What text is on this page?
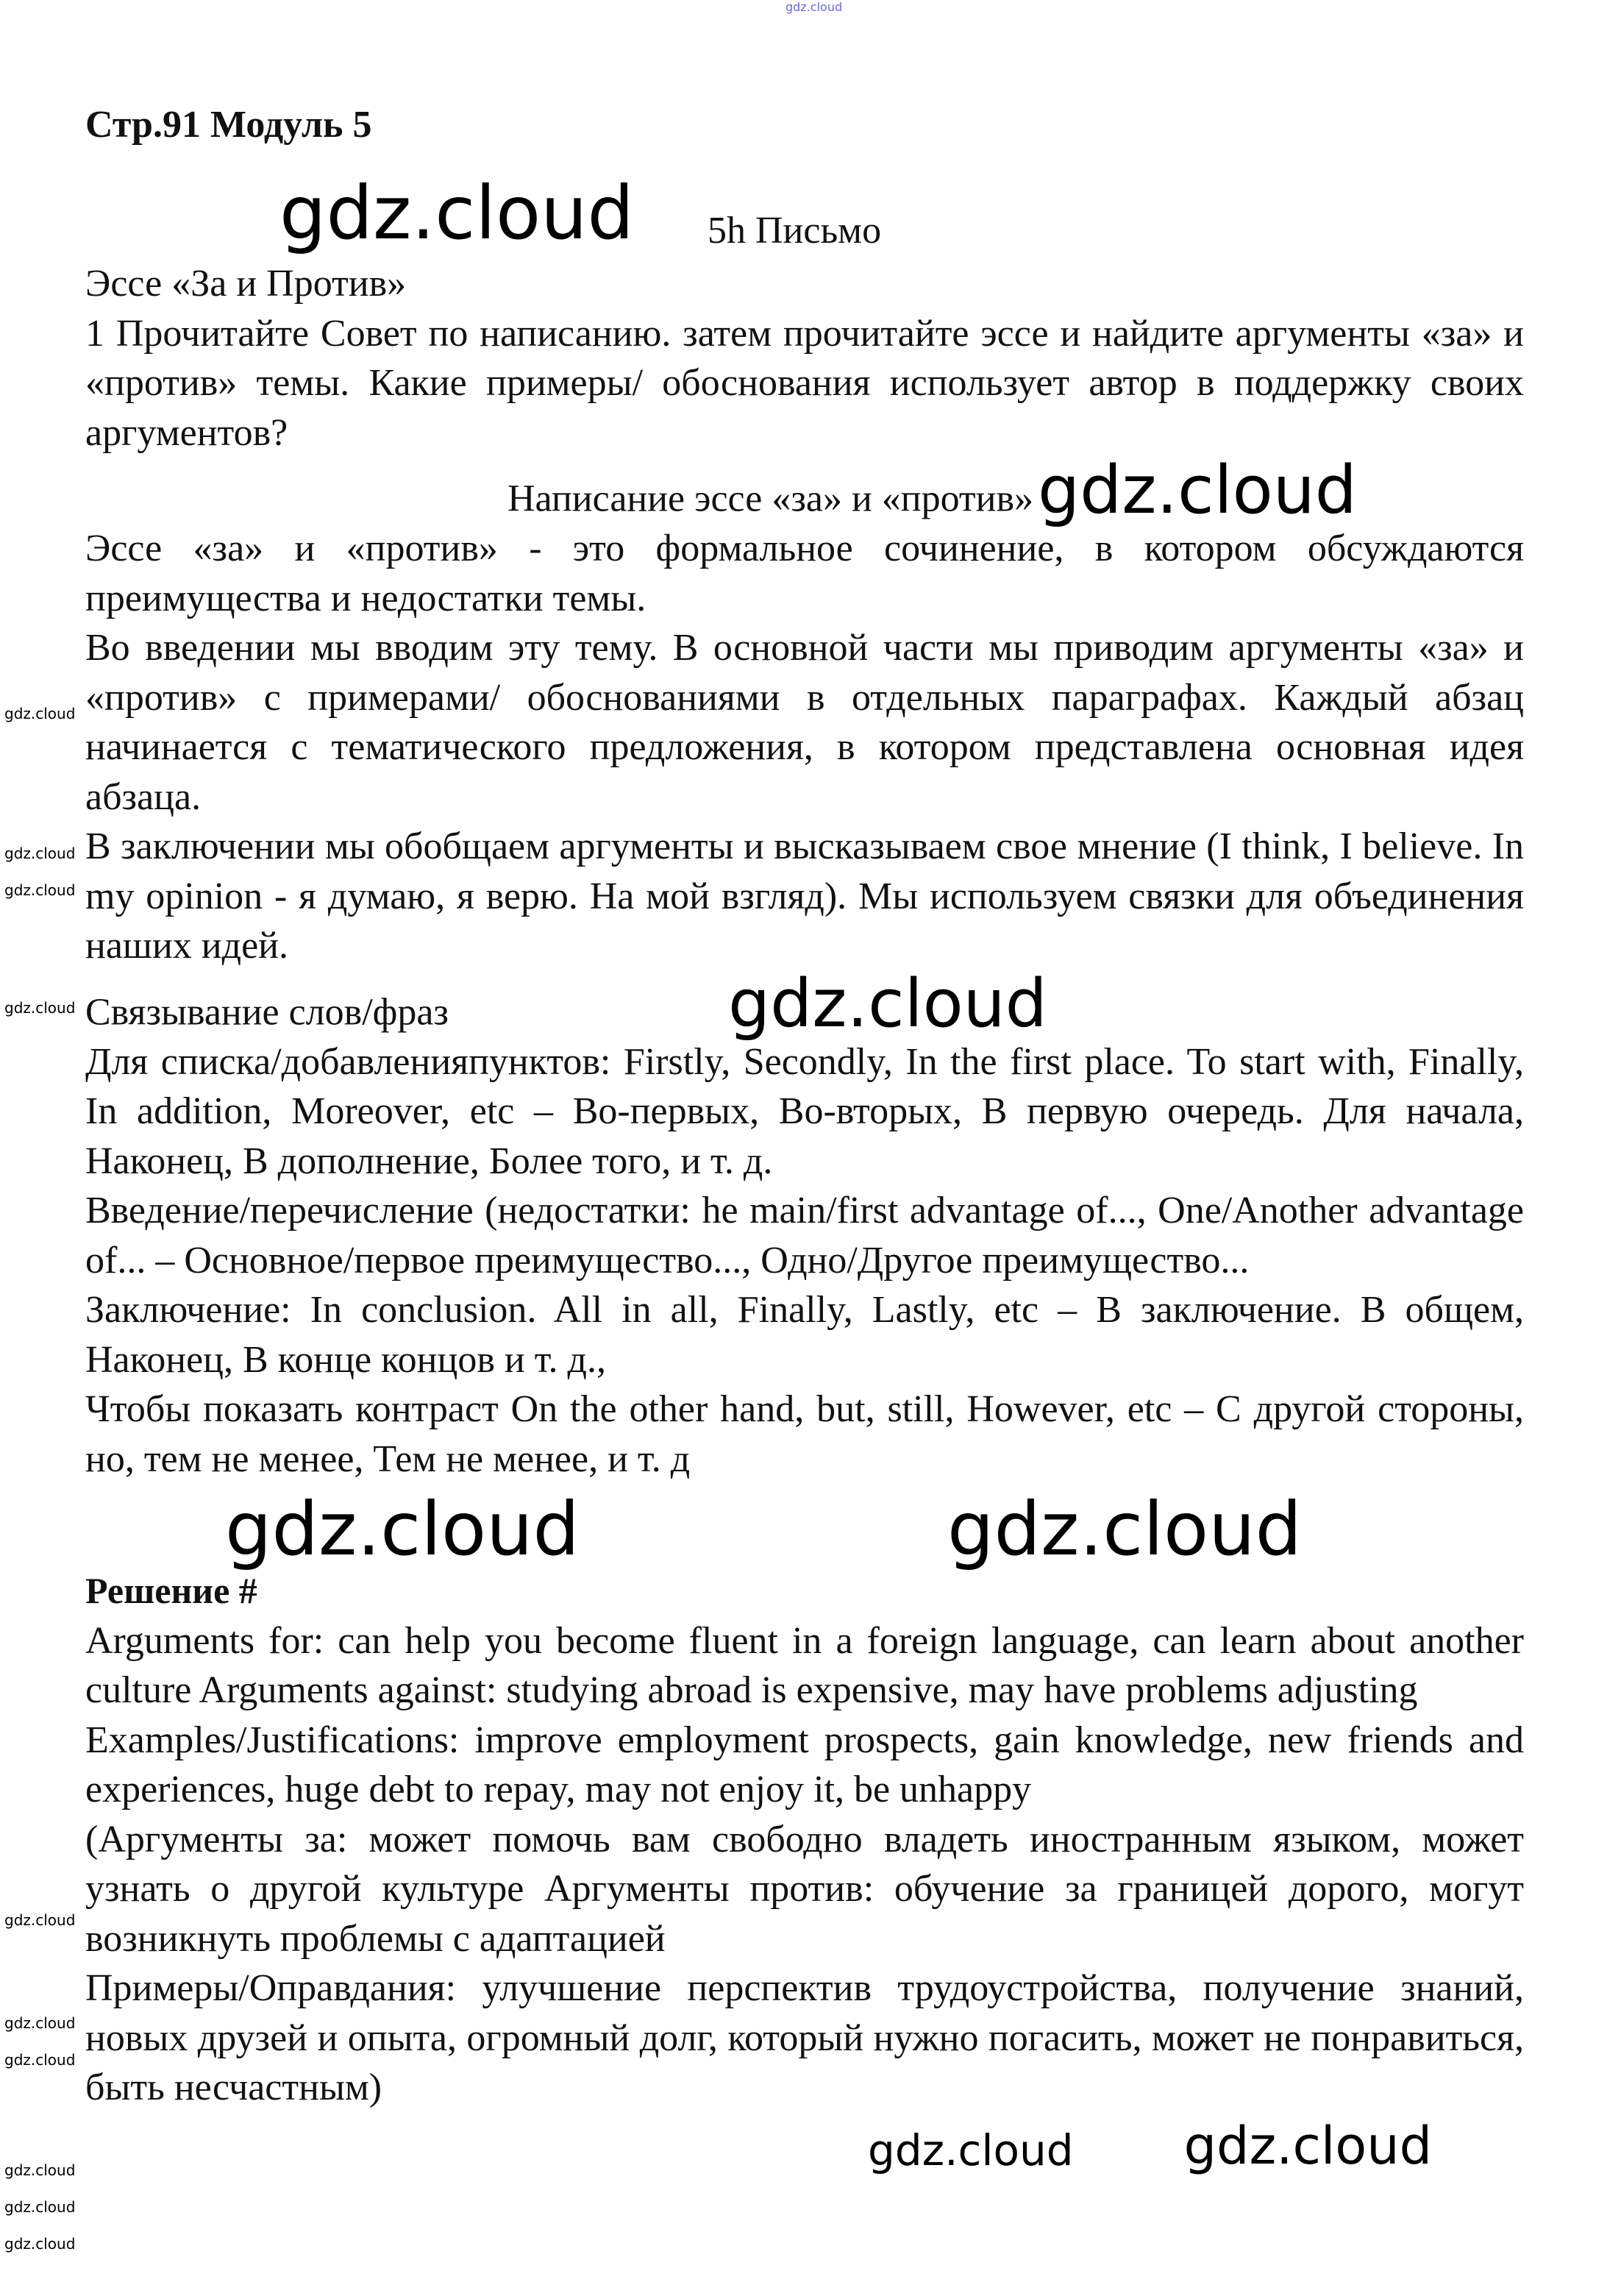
gdz.cloud
Стр.91 Модуль 5
gdz.cloud 5h Письмо

Эссе «За и Против»

1 Прочитайте Совет по написанию. затем прочитайте эссе и найдите аргументы «за» и «против» темы. Какие примеры/ обоснования использует автор в поддержку своих аргументов?

Написание эссе «за» и «против»gdz.cloud

Эссе «за» и «против» - это формальное сочинение, в котором обсуждаются преимущества и недостатки темы.

Во введении мы вводим эту тему. В основной части мы приводим аргументы «за» и «против» с примерами/ обоснованиями в отдельных параграфах. Каждый абзац начинается с тематического предложения, в котором представлена основная идея абзаца.

В заключении мы обобщаем аргументы и высказываем свое мнение (I think, I believe. In my opinion - я думаю, я верю. На мой взгляд). Мы используем связки для объединения наших идей.

Связывание слов/фраз	gdz.cloud

Для списка/добавленияпунктов: Firstly, Secondly, In the first place. To start with, Finally, In addition, Moreover, etc – Во-первых, Во-вторых, В первую очередь. Для начала, Наконец, В дополнение, Более того, и т. д.

Введение/перечисление (недостатки: he main/first advantage of..., One/Another advantage of... – Основное/первое преимущество..., Одно/Другое преимущество...

Заключение: In conclusion. All in all, Finally, Lastly, etc – В заключение. В общем, Наконец, В конце концов и т. д.,

Чтобы показать контраст On the other hand, but, still, However, etc – С другой стороны, но, тем не менее, Тем не менее, и т. д

gdz.cloud	gdz.cloud

Решение #

Arguments for: can help you become fluent in a foreign language, can learn about another culture Arguments against: studying abroad is expensive, may have problems adjusting

Examples/Justifications: improve employment prospects, gain knowledge, new friends and experiences, huge debt to repay, may not enjoy it, be unhappy

(Аргументы за: может помочь вам свободно владеть иностранным языком, может узнать о другой культуре Аргументы против: обучение за границей дорого, могут возникнуть проблемы с адаптацией

Примеры/Оправдания: улучшение перспектив трудоустройства, получение знаний, новых друзей и опыта, огромный долг, который нужно погасить, может не понравиться, быть несчастным)

gdz.cloud gdz.cloud
gdz.cloud
gdz.cloud
gdz.cloud
gdz.cloud
gdz.cloud
gdz.cloud
gdz.cloud
gdz.cloud
gdz.cloud
gdz.cloud
